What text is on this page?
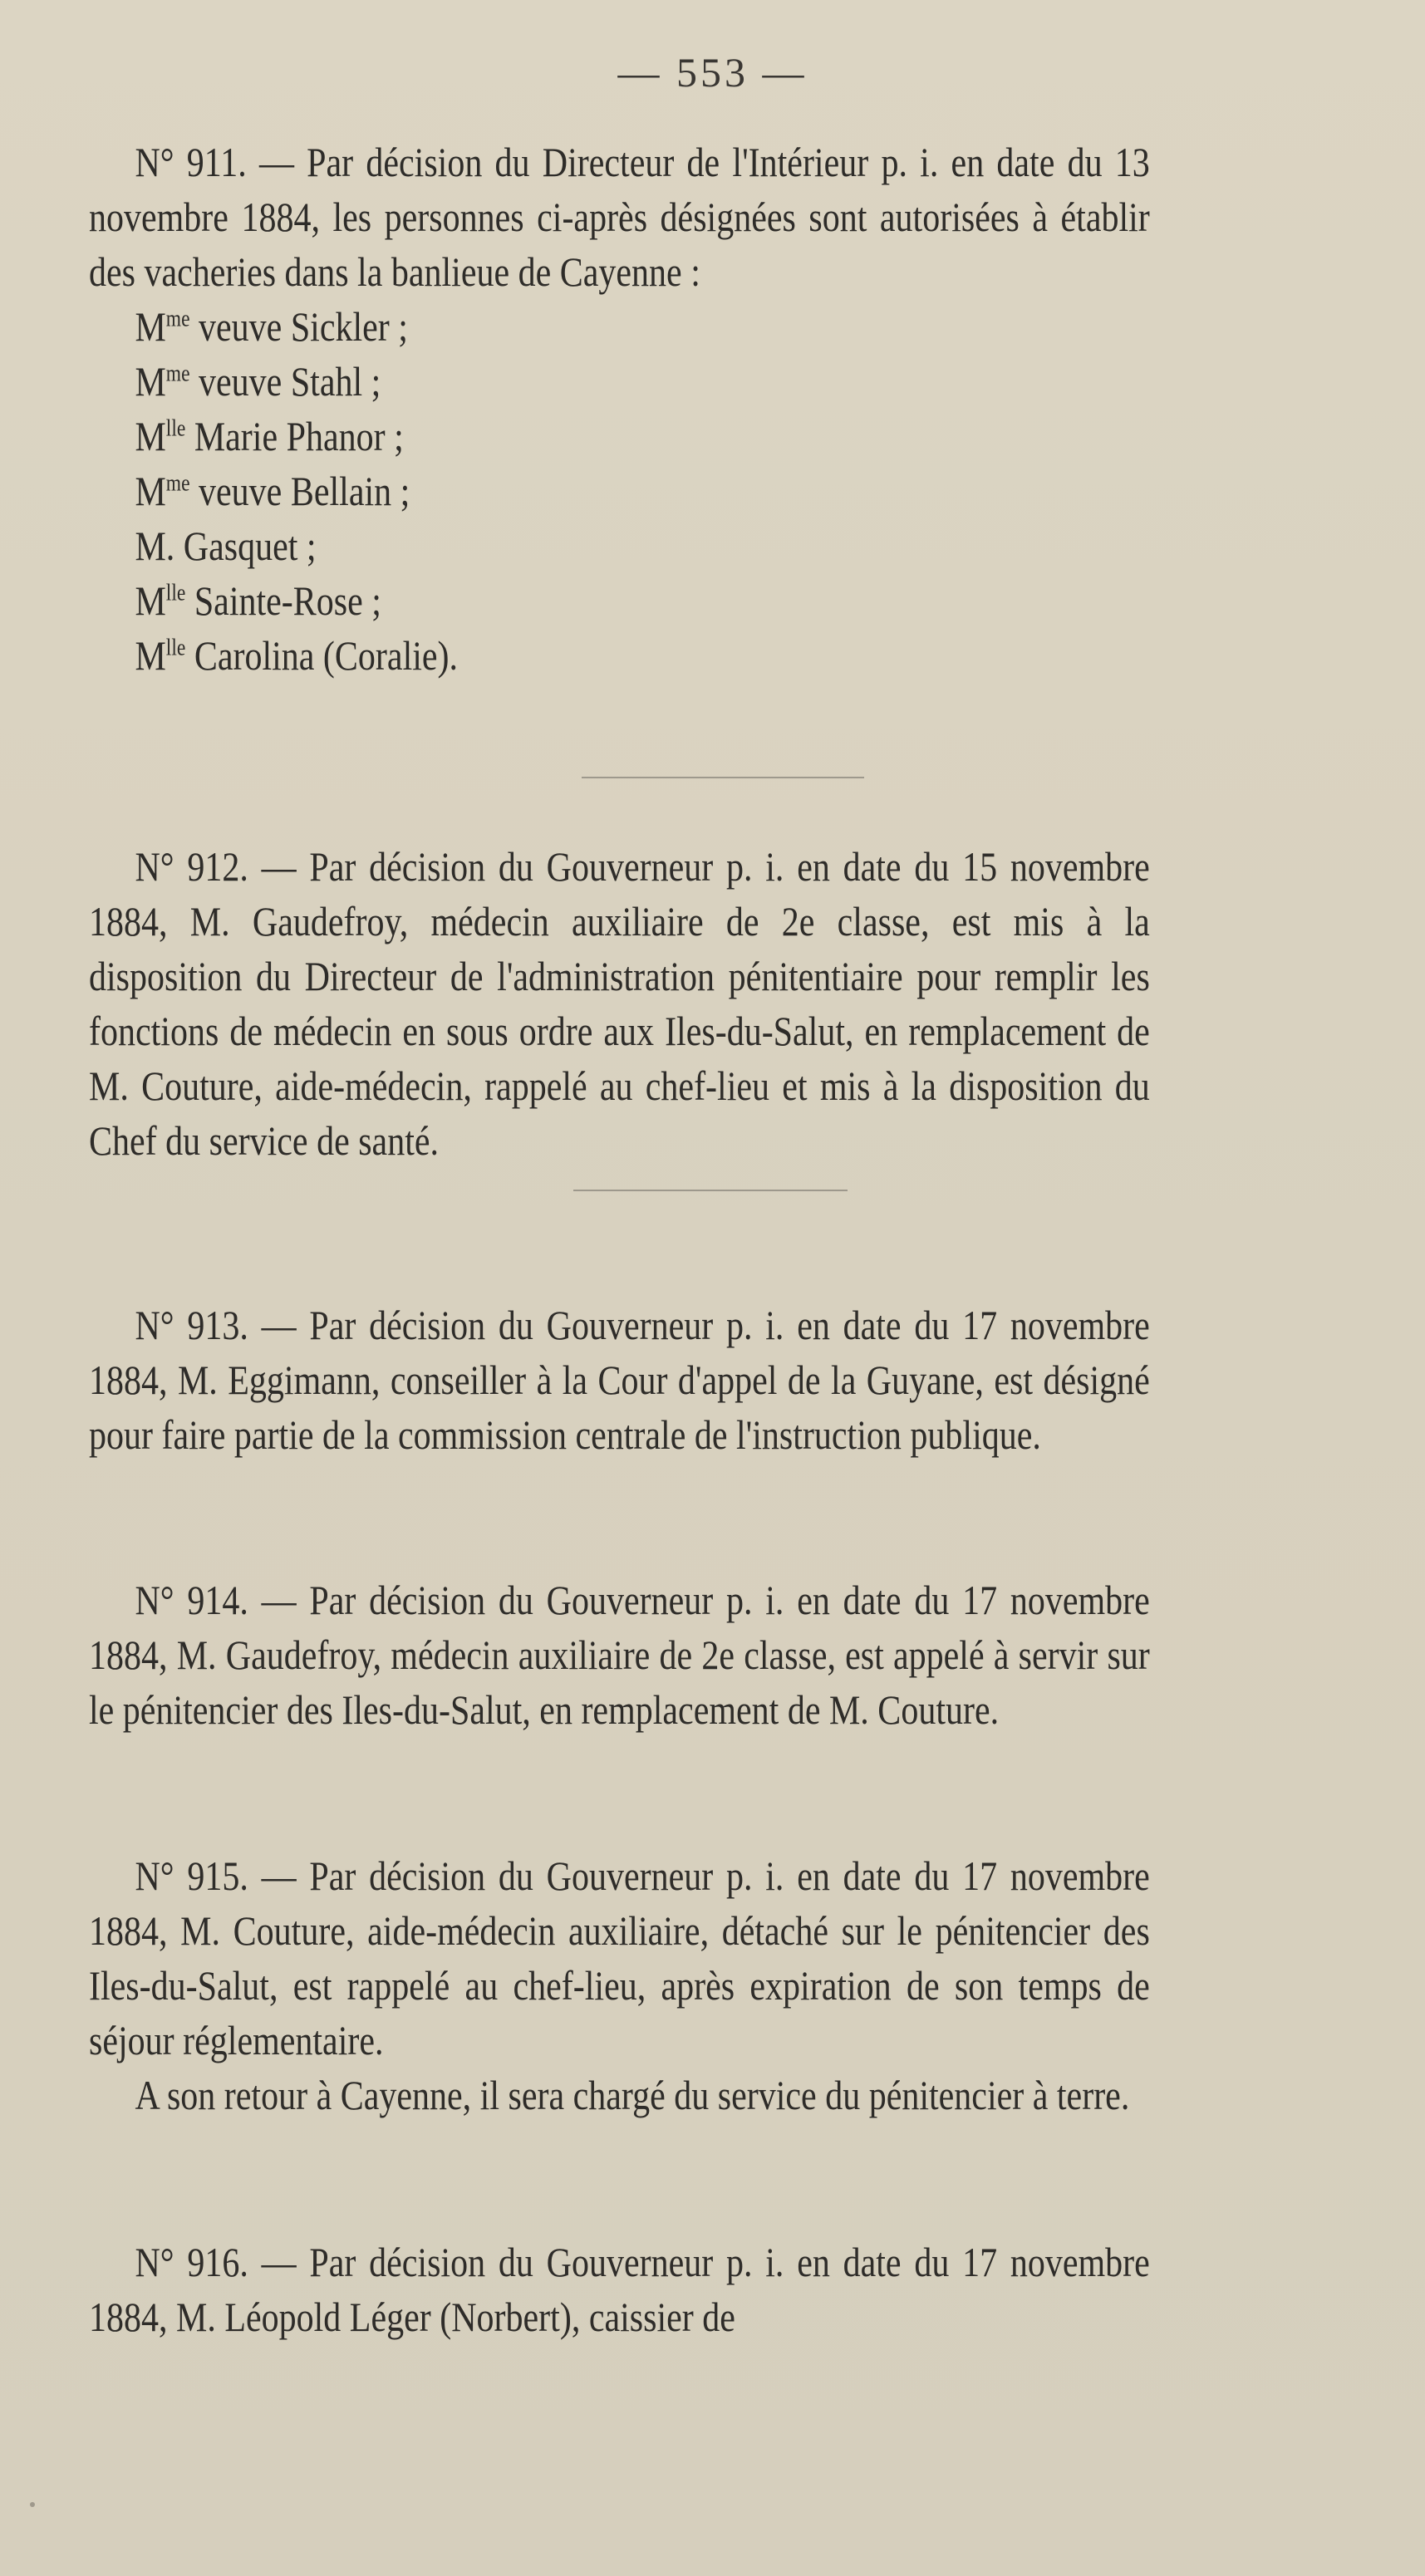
— 553 —

N° 911. — Par décision du Directeur de l'Intérieur p. i. en date du 13 novembre 1884, les personnes ci-après désignées sont autorisées à établir des vacheries dans la banlieue de Cayenne :

$M^{me}$ veuve Sickler ;
$M^{me}$ veuve Stahl ;
$M^{lle}$ Marie Phanor ;
$M^{me}$ veuve Bellain ;
M. Gasquet ;
$M^{lle}$ Sainte-Rose ;
$M^{lle}$ Carolina (Coralie).

N° 912. — Par décision du Gouverneur p. i. en date du 15 novembre 1884, M. Gaudefroy, médecin auxiliaire de 2e classe, est mis à la disposition du Directeur de l'administration pénitentiaire pour remplir les fonctions de médecin en sous ordre aux Iles-du-Salut, en remplacement de M. Couture, aide-médecin, rappelé au chef-lieu et mis à la disposition du Chef du service de santé.

N° 913. — Par décision du Gouverneur p. i. en date du 17 novembre 1884, M. Eggimann, conseiller à la Cour d'appel de la Guyane, est désigné pour faire partie de la commission centrale de l'instruction publique.

N° 914. — Par décision du Gouverneur p. i. en date du 17 novembre 1884, M. Gaudefroy, médecin auxiliaire de 2e classe, est appelé à servir sur le pénitencier des Iles-du-Salut, en remplacement de M. Couture.

N° 915. — Par décision du Gouverneur p. i. en date du 17 novembre 1884, M. Couture, aide-médecin auxiliaire, détaché sur le pénitencier des Iles-du-Salut, est rappelé au chef-lieu, après expiration de son temps de séjour réglementaire.

A son retour à Cayenne, il sera chargé du service du pénitencier à terre.

N° 916. — Par décision du Gouverneur p. i. en date du 17 novembre 1884, M. Léopold Léger (Norbert), caissier de
